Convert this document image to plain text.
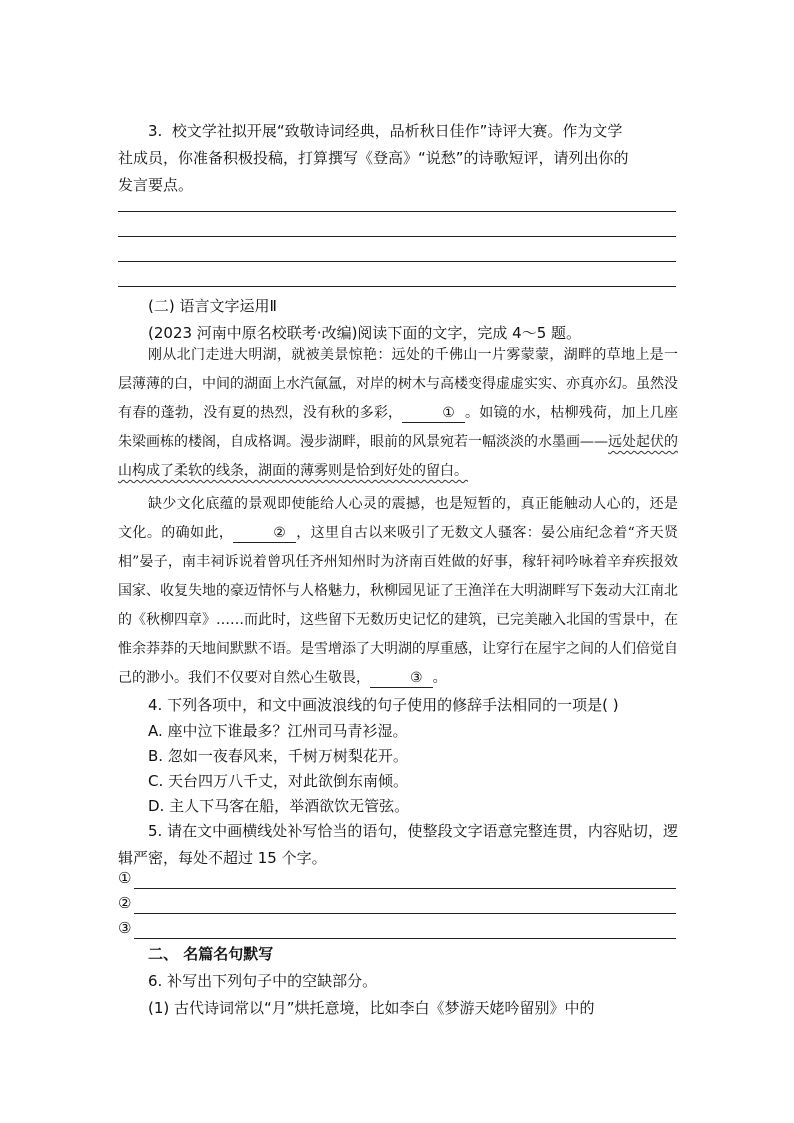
3. 校文学社拟开展“致敬诗词经典，品析秋日佳作”诗评大赛。作为文学
社成员，你准备积极投稿，打算撰写《登高》“说愁”的诗歌短评，请列出你的
发言要点。

(二) 语言文字运用Ⅱ

(2023 河南中原名校联考·改编)阅读下面的文字，完成 4～5 题。

刚从北门走进大明湖，就被美景惊艳：远处的千佛山一片雾蒙蒙，湖畔的草地上是一层薄薄的白，中间的湖面上水汽氤氲，对岸的树木与高楼变得虚虚实实、亦真亦幻。虽然没有春的蓬勃，没有夏的热烈，没有秋的多彩，	① 。如镜的水，枯柳残荷，加上几座朱梁画栋的楼阁，自成格调。漫步湖畔，眼前的风景宛若一幅淡淡的水墨画——远处起伏的山构成了柔软的线条，湖面的薄雾则是恰到好处的留白。

缺少文化底蕴的景观即使能给人心灵的震撼，也是短暂的，真正能触动人心的，还是文化。的确如此，	② ，这里自古以来吸引了无数文人骚客：晏公庙纪念着“齐天贤相”晏子，南丰祠诉说着曾巩任齐州知州时为济南百姓做的好事，稼轩祠吟咏着辛弃疾报效国家、收复失地的豪迈情怀与人格魅力，秋柳园见证了王渔洋在大明湖畔写下轰动大江南北的《秋柳四章》……而此时，这些留下无数历史记忆的建筑，已完美融入北国的雪景中，在惟余莽莽的天地间默默不语。是雪增添了大明湖的厚重感，让穿行在屋宇之间的人们倍觉自己的渺小。我们不仅要对自然心生敬畏，	③ 。

4. 下列各项中，和文中画波浪线的句子使用的修辞手法相同的一项是( )

A. 座中泣下谁最多？江州司马青衫湿。

B. 忽如一夜春风来，千树万树梨花开。

C. 天台四万八千丈，对此欲倒东南倾。

D. 主人下马客在船，举酒欲饮无管弦。

5. 请在文中画横线处补写恰当的语句，使整段文字语意完整连贯，内容贴切，逻辑严密，每处不超过 15 个字。

①
②
③

二、 名篇名句默写

6. 补写出下列句子中的空缺部分。

(1) 古代诗词常以“月”烘托意境，比如李白《梦游天姥吟留别》中的
